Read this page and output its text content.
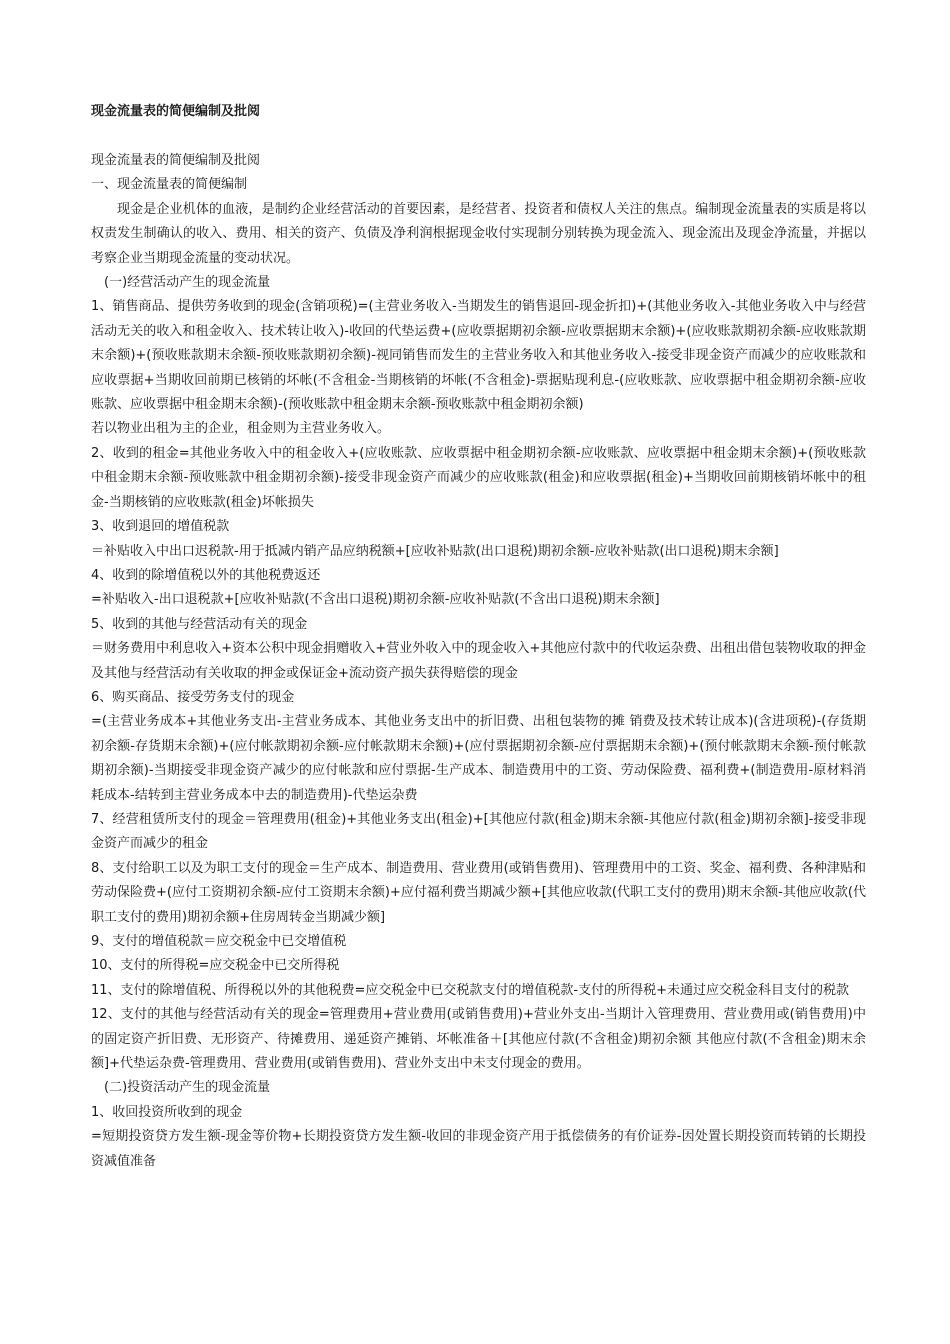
现金流量表的简便编制及批阅

现金流量表的简便编制及批阅

一、现金流量表的简便编制

现金是企业机体的血液，是制约企业经营活动的首要因素，是经营者、投资者和债权人关注的焦点。编制现金流量表的实质是将以权责发生制确认的收入、费用、相关的资产、负债及净利润根据现金收付实现制分别转换为现金流入、现金流出及现金净流量，并据以考察企业当期现金流量的变动状况。

(一)经营活动产生的现金流量

1、销售商品、提供劳务收到的现金(含销项税)=(主营业务收入-当期发生的销售退回-现金折扣)+(其他业务收入-其他业务收入中与经营活动无关的收入和租金收入、技术转让收入)-收回的代垫运费+(应收票据期初余额-应收票据期末余额)+(应收账款期初余额-应收账款期末余额)+(预收账款期末余额-预收账款期初余额)-视同销售而发生的主营业务收入和其他业务收入-接受非现金资产而减少的应收账款和应收票据+当期收回前期已核销的坏帐(不含租金-当期核销的坏帐(不含租金)-票据贴现利息-(应收账款、应收票据中租金期初余额-应收账款、应收票据中租金期末余额)-(预收账款中租金期末余额-预收账款中租金期初余额)

若以物业出租为主的企业，租金则为主营业务收入。

2、收到的租金=其他业务收入中的租金收入+(应收账款、应收票据中租金期初余额-应收账款、应收票据中租金期末余额)+(预收账款中租金期末余额-预收账款中租金期初余额)-接受非现金资产而减少的应收账款(租金)和应收票据(租金)+当期收回前期核销坏帐中的租金-当期核销的应收账款(租金)坏帐损失

3、收到退回的增值税款

＝补贴收入中出口迟税款-用于抵减内销产品应纳税额+[应收补贴款(出口退税)期初余额-应收补贴款(出口退税)期末余额]

4、收到的除增值税以外的其他税费返还

=补贴收入-出口退税款+[应收补贴款(不含出口退税)期初余额-应收补贴款(不含出口退税)期末余额]

5、收到的其他与经营活动有关的现金

＝财务费用中利息收入+资本公积中现金捐赠收入+营业外收入中的现金收入+其他应付款中的代收运杂费、出租出借包装物收取的押金及其他与经营活动有关收取的押金或保证金+流动资产损失获得赔偿的现金

6、购买商品、接受劳务支付的现金

=(主营业务成本+其他业务支出-主营业务成本、其他业务支出中的折旧费、出租包装物的摊 销费及技术转让成本)(含进项税)-(存货期初余额-存货期末余额)+(应付帐款期初余额-应付帐款期末余额)+(应付票据期初余额-应付票据期末余额)+(预付帐款期末余额-预付帐款期初余额)-当期接受非现金资产减少的应付帐款和应付票据-生产成本、制造费用中的工资、劳动保险费、福利费+(制造费用-原材料消耗成本-结转到主营业务成本中去的制造费用)-代垫运杂费

7、经营租赁所支付的现金＝管理费用(租金)+其他业务支出(租金)+[其他应付款(租金)期末余额-其他应付款(租金)期初余额]-接受非现金资产而减少的租金

8、支付给职工以及为职工支付的现金＝生产成本、制造费用、营业费用(或销售费用)、管理费用中的工资、奖金、福利费、各种津贴和劳动保险费+(应付工资期初余额-应付工资期末余额)+应付福利费当期减少额+[其他应收款(代职工支付的费用)期末余额-其他应收款(代职工支付的费用)期初余额+住房周转金当期减少额]

9、支付的增值税款＝应交税金中已交增值税

10、支付的所得税=应交税金中已交所得税

11、支付的除增值税、所得税以外的其他税费=应交税金中已交税款支付的增值税款-支付的所得税+未通过应交税金科目支付的税款

12、支付的其他与经营活动有关的现金=管理费用+营业费用(或销售费用)+营业外支出-当期计入管理费用、营业费用或(销售费用)中的固定资产折旧费、无形资产、待摊费用、递延资产摊销、坏帐准备＋[其他应付款(不含租金)期初余额 其他应付款(不含租金)期末余额]+代垫运杂费-管理费用、营业费用(或销售费用)、营业外支出中未支付现金的费用。

(二)投资活动产生的现金流量

1、收回投资所收到的现金

=短期投资贷方发生额-现金等价物+长期投资贷方发生额-收回的非现金资产用于抵偿债务的有价证券-因处置长期投资而转销的长期投资减值准备
